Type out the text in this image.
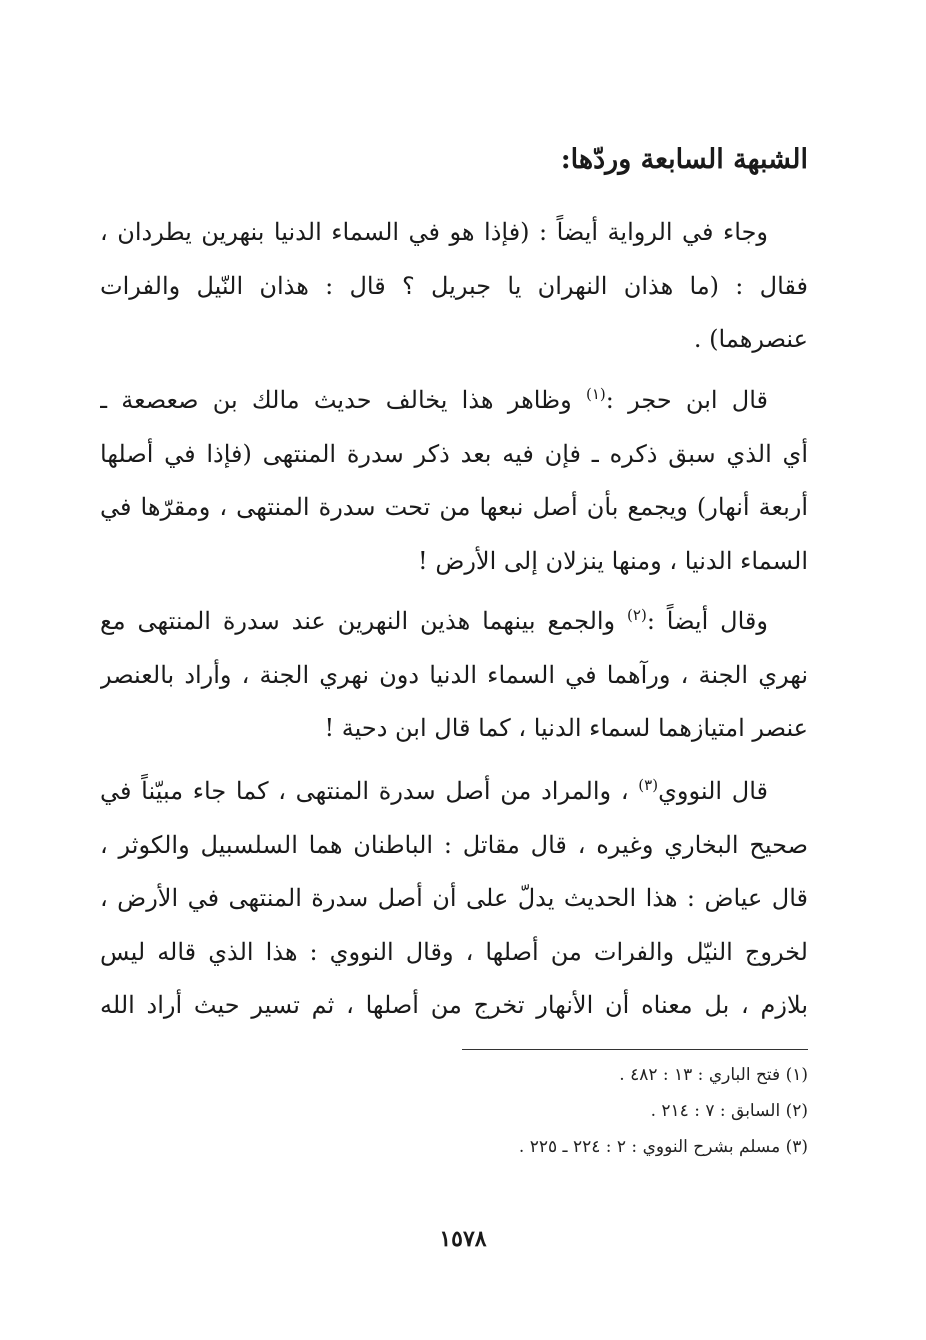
الشبهة السابعة وردّها:
وجاء في الرواية أيضاً : (فإذا هو في السماء الدنيا بنهرين يطردان ،
فقال : (ما هذان النهران يا جبريل ؟ قال : هذان النّيل والفرات
عنصرهما) .
قال ابن حجر :$^{(١)}$ وظاهر هذا يخالف حديث مالك بن صعصعة ـ
أي الذي سبق ذكره ـ فإن فيه بعد ذكر سدرة المنتهى (فإذا في أصلها
أربعة أنهار) ويجمع بأن أصل نبعها من تحت سدرة المنتهى ، ومقرّها في
السماء الدنيا ، ومنها ينزلان إلى الأرض !
وقال أيضاً :$^{(٢)}$ والجمع بينهما هذين النهرين عند سدرة المنتهى مع
نهري الجنة ، ورآهما في السماء الدنيا دون نهري الجنة ، وأراد بالعنصر
عنصر امتيازهما لسماء الدنيا ، كما قال ابن دحية !
قال النووي$^{(٣)}$ ، والمراد من أصل سدرة المنتهى ، كما جاء مبيّناً في
صحيح البخاري وغيره ، قال مقاتل : الباطنان هما السلسبيل والكوثر ،
قال عياض : هذا الحديث يدلّ على أن أصل سدرة المنتهى في الأرض ،
لخروج النيّل والفرات من أصلها ، وقال النووي : هذا الذي قاله ليس
بلازم ، بل معناه أن الأنهار تخرج من أصلها ، ثم تسير حيث أراد الله
(١) فتح الباري : ١٣ : ٤٨٢ .
(٢) السابق : ٧ : ٢١٤ .
(٣) مسلم بشرح النووي : ٢ : ٢٢٤ ـ ٢٢٥ .
١٥٧٨
